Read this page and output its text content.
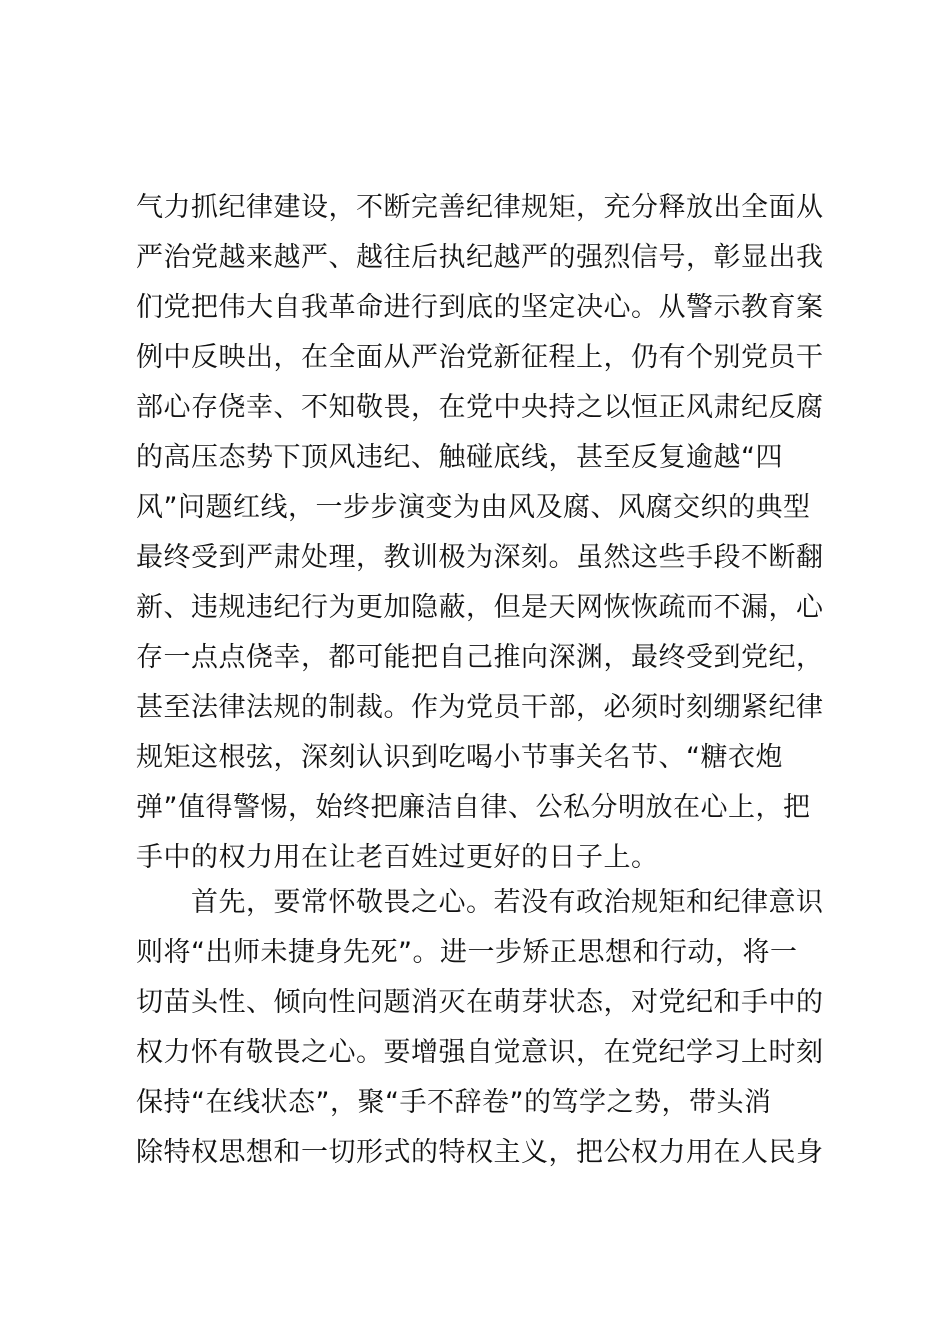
气力抓纪律建设，不断完善纪律规矩，充分释放出全面从
严治党越来越严、越往后执纪越严的强烈信号，彰显出我
们党把伟大自我革命进行到底的坚定决心。从警示教育案
例中反映出，在全面从严治党新征程上，仍有个别党员干
部心存侥幸、不知敬畏，在党中央持之以恒正风肃纪反腐
的高压态势下顶风违纪、触碰底线，甚至反复逾越“四
风”问题红线，一步步演变为由风及腐、风腐交织的典型
最终受到严肃处理，教训极为深刻。虽然这些手段不断翻
新、违规违纪行为更加隐蔽，但是天网恢恢疏而不漏，心
存一点点侥幸，都可能把自己推向深渊，最终受到党纪，
甚至法律法规的制裁。作为党员干部，必须时刻绷紧纪律
规矩这根弦，深刻认识到吃喝小节事关名节、“糖衣炮
弹”值得警惕，始终把廉洁自律、公私分明放在心上，把
手中的权力用在让老百姓过更好的日子上。
　　首先，要常怀敬畏之心。若没有政治规矩和纪律意识
则将“出师未捷身先死”。进一步矫正思想和行动，将一
切苗头性、倾向性问题消灭在萌芽状态，对党纪和手中的
权力怀有敬畏之心。要增强自觉意识，在党纪学习上时刻
保持“在线状态”，聚“手不辞卷”的笃学之势，带头消
除特权思想和一切形式的特权主义，把公权力用在人民身
